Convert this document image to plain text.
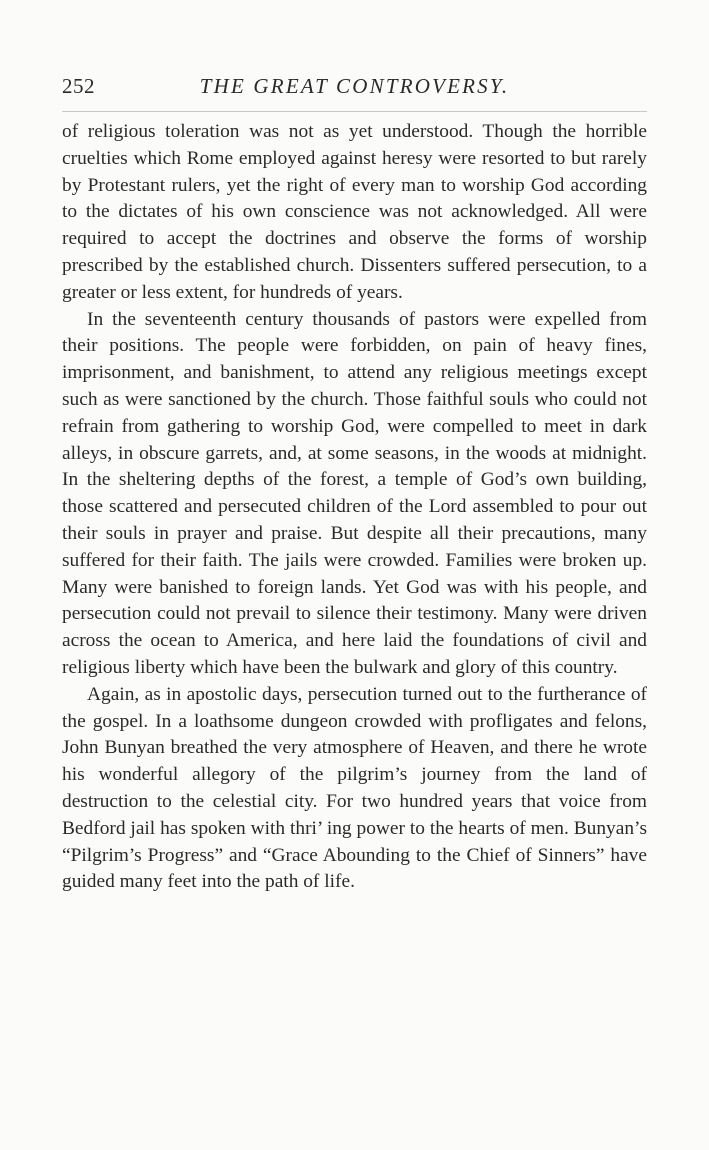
252	THE GREAT CONTROVERSY.

of religious toleration was not as yet understood. Though the horrible cruelties which Rome employed against heresy were resorted to but rarely by Protestant rulers, yet the right of every man to worship God according to the dictates of his own conscience was not acknowledged. All were required to accept the doctrines and observe the forms of worship prescribed by the established church. Dissenters suffered persecution, to a greater or less extent, for hundreds of years.

In the seventeenth century thousands of pastors were expelled from their positions. The people were forbidden, on pain of heavy fines, imprisonment, and banishment, to attend any religious meetings except such as were sanctioned by the church. Those faithful souls who could not refrain from gathering to worship God, were compelled to meet in dark alleys, in obscure garrets, and, at some seasons, in the woods at midnight. In the sheltering depths of the forest, a temple of God’s own building, those scattered and persecuted children of the Lord assembled to pour out their souls in prayer and praise. But despite all their precautions, many suffered for their faith. The jails were crowded. Families were broken up. Many were banished to foreign lands. Yet God was with his people, and persecution could not prevail to silence their testimony. Many were driven across the ocean to America, and here laid the foundations of civil and religious liberty which have been the bulwark and glory of this country.

Again, as in apostolic days, persecution turned out to the furtherance of the gospel. In a loathsome dungeon crowded with profligates and felons, John Bunyan breathed the very atmosphere of Heaven, and there he wrote his wonderful allegory of the pilgrim’s journey from the land of destruction to the celestial city. For two hundred years that voice from Bedford jail has spoken with thri’ ing power to the hearts of men. Bunyan’s “Pilgrim’s Progress” and “Grace Abounding to the Chief of Sinners” have guided many feet into the path of life.
